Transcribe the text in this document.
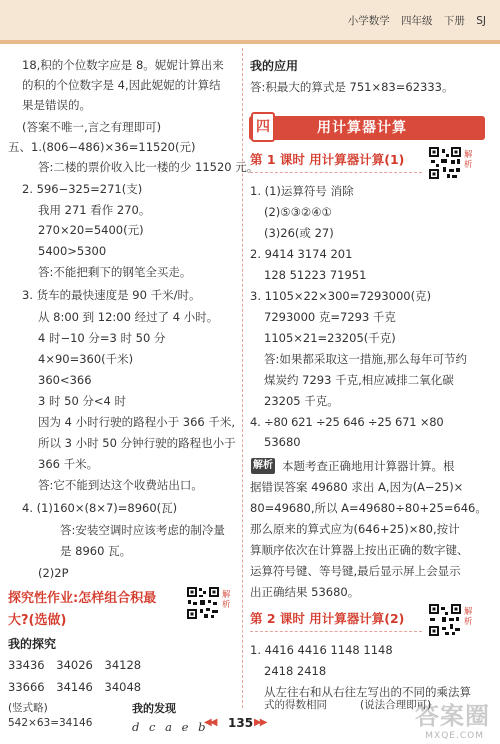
小学数学 四年级 下册 SJ
18,积的个位数字应是 8。妮妮计算出来
的积的个位数字是 4,因此妮妮的计算结
果是错误的。
(答案不唯一,言之有理即可)
五、1.(806−486)×36=11520(元)
答:二楼的票价收入比一楼的少 11520 元。
2. 596−325=271(支)
我用 271 看作 270。
270×20=5400(元)
5400>5300
答:不能把剩下的钢笔全买走。
3. 货车的最快速度是 90 千米/时。
从 8:00 到 12:00 经过了 4 小时。
4 时−10 分=3 时 50 分
4×90=360(千米)
360<366
3 时 50 分<4 时
因为 4 小时行驶的路程小于 366 千米,
所以 3 小时 50 分钟行驶的路程也小于
366 千米。
答:它不能到达这个收费站出口。
4. (1)160×(8×7)=8960(瓦)
答:安装空调时应该考虑的制冷量
是 8960 瓦。
(2)2P
探究性作业:怎样组合积最
大?(选做)
解析
我的探究
33436 34026 34128
33666 34146 34048
(竖式略)
542×63=34146
我的应用
答:积最大的算式是 751×83=62333。
四	用计算器计算
第 1 课时 用计算器计算(1)	解析
1. (1)运算符号 消除
(2)⑤③②④①
(3)26(或 27)
2. 9414 3174 201
128 51223 71951
3. 1105×22×300=7293000(克)
7293000 克=7293 千克
1105×21=23205(千克)
答:如果都采取这一措施,那么每年可节约
煤炭约 7293 千克,相应减排二氧化碳
23205 千克。
4. ÷80 621 ÷25 646 ÷25 671 ×80
53680
解析 本题考查正确地用计算器计算。根
据错误答案 49680 求出 A,因为(A−25)×
80=49680,所以 A=49680÷80+25=646。
那么原来的算式应为(646+25)×80,按计
算顺序依次在计算器上按出正确的数字键、
运算符号键、等号键,最后显示屏上会显示
出正确结果 53680。
第 2 课时 用计算器计算(2)	解析
1. 4416 4416 1148 1148
2418 2418
从左往右和从右往左写出的不同的乘法算
◀◀ 135 ▶▶	答案圈
MXQE.COM
我的发现
d c a e b
式的得数相同	(说法合理即可)
